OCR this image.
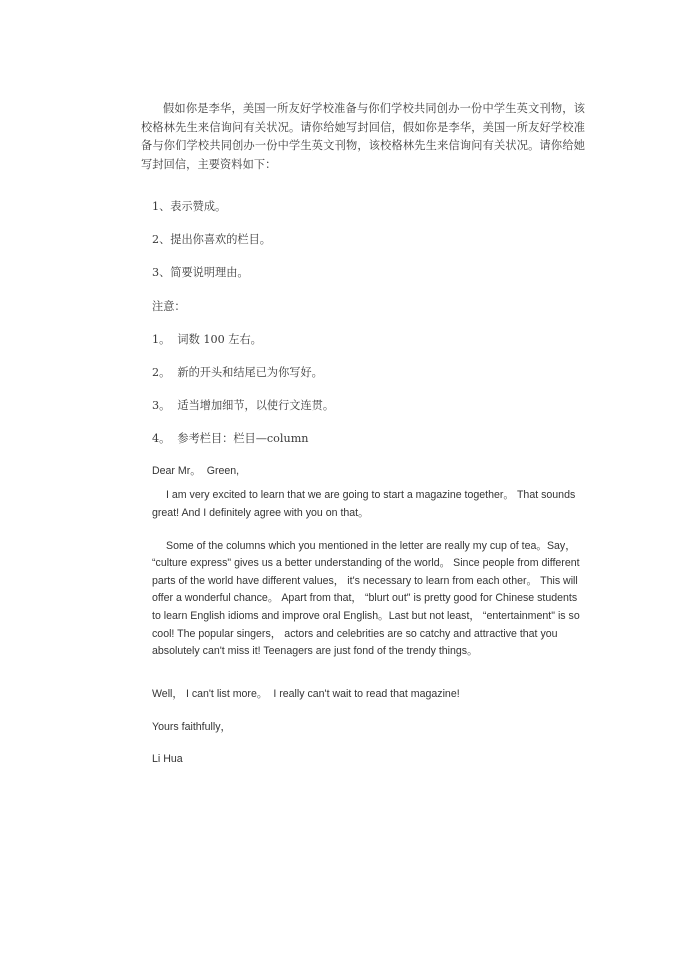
假如你是李华，美国一所友好学校准备与你们学校共同创办一份中学生英文刊物，该校格林先生来信询问有关状况。请你给她写封回信，假如你是李华，美国一所友好学校准备与你们学校共同创办一份中学生英文刊物，该校格林先生来信询问有关状况。请你给她写封回信，主要资料如下：

1、表示赞成。
2、提出你喜欢的栏目。
3、简要说明理由。
注意：
1。  词数 100 左右。
2。  新的开头和结尾已为你写好。
3。  适当增加细节，以使行文连贯。
4。  参考栏目：栏目—column
Dear Mr。  Green,

I am very excited to learn that we are going to start a magazine together。 That sounds great! And I definitely agree with you on that。

Some of the columns which you mentioned in the letter are really my cup of tea。Say， “culture express" gives us a better understanding of the world。 Since people from different parts of the world have different values， it's necessary to learn from each other。 This will offer a wonderful chance。 Apart from that， “blurt out" is pretty good for Chinese students to learn English idioms and improve oral English。Last but not least， “entertainment" is so cool! The popular singers， actors and celebrities are so catchy and attractive that you absolutely can't miss it! Teenagers are just fond of the trendy things。

Well， I can't list more。  I really can't wait to read that magazine!
Yours faithfully，
Li Hua
